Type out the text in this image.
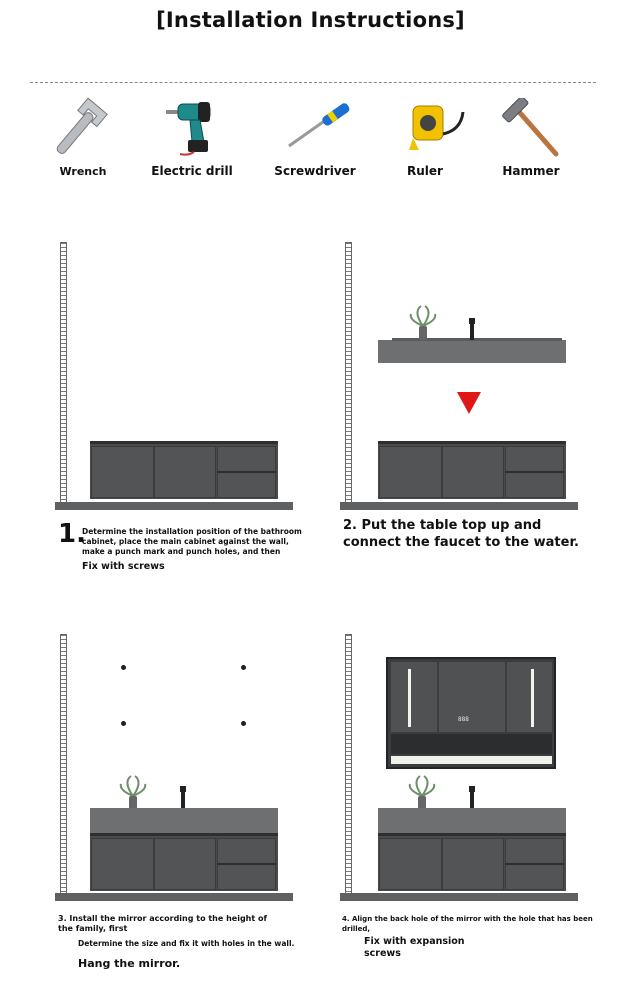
[Installation Instructions]
Wrench	Electric drill	Screwdriver	Ruler	Hammer
1.
Determine the installation position of the bathroom
cabinet, place the main cabinet against the wall,
make a punch mark and punch holes, and then
Fix with screws
2. Put the table top up and
connect the faucet to the water.
3. Install the mirror according to the height of
the family, first
Determine the size and fix it with holes in the wall.
Hang the mirror.
888
4. Align the back hole of the mirror with the hole that has been
drilled,
Fix with expansion
screws
